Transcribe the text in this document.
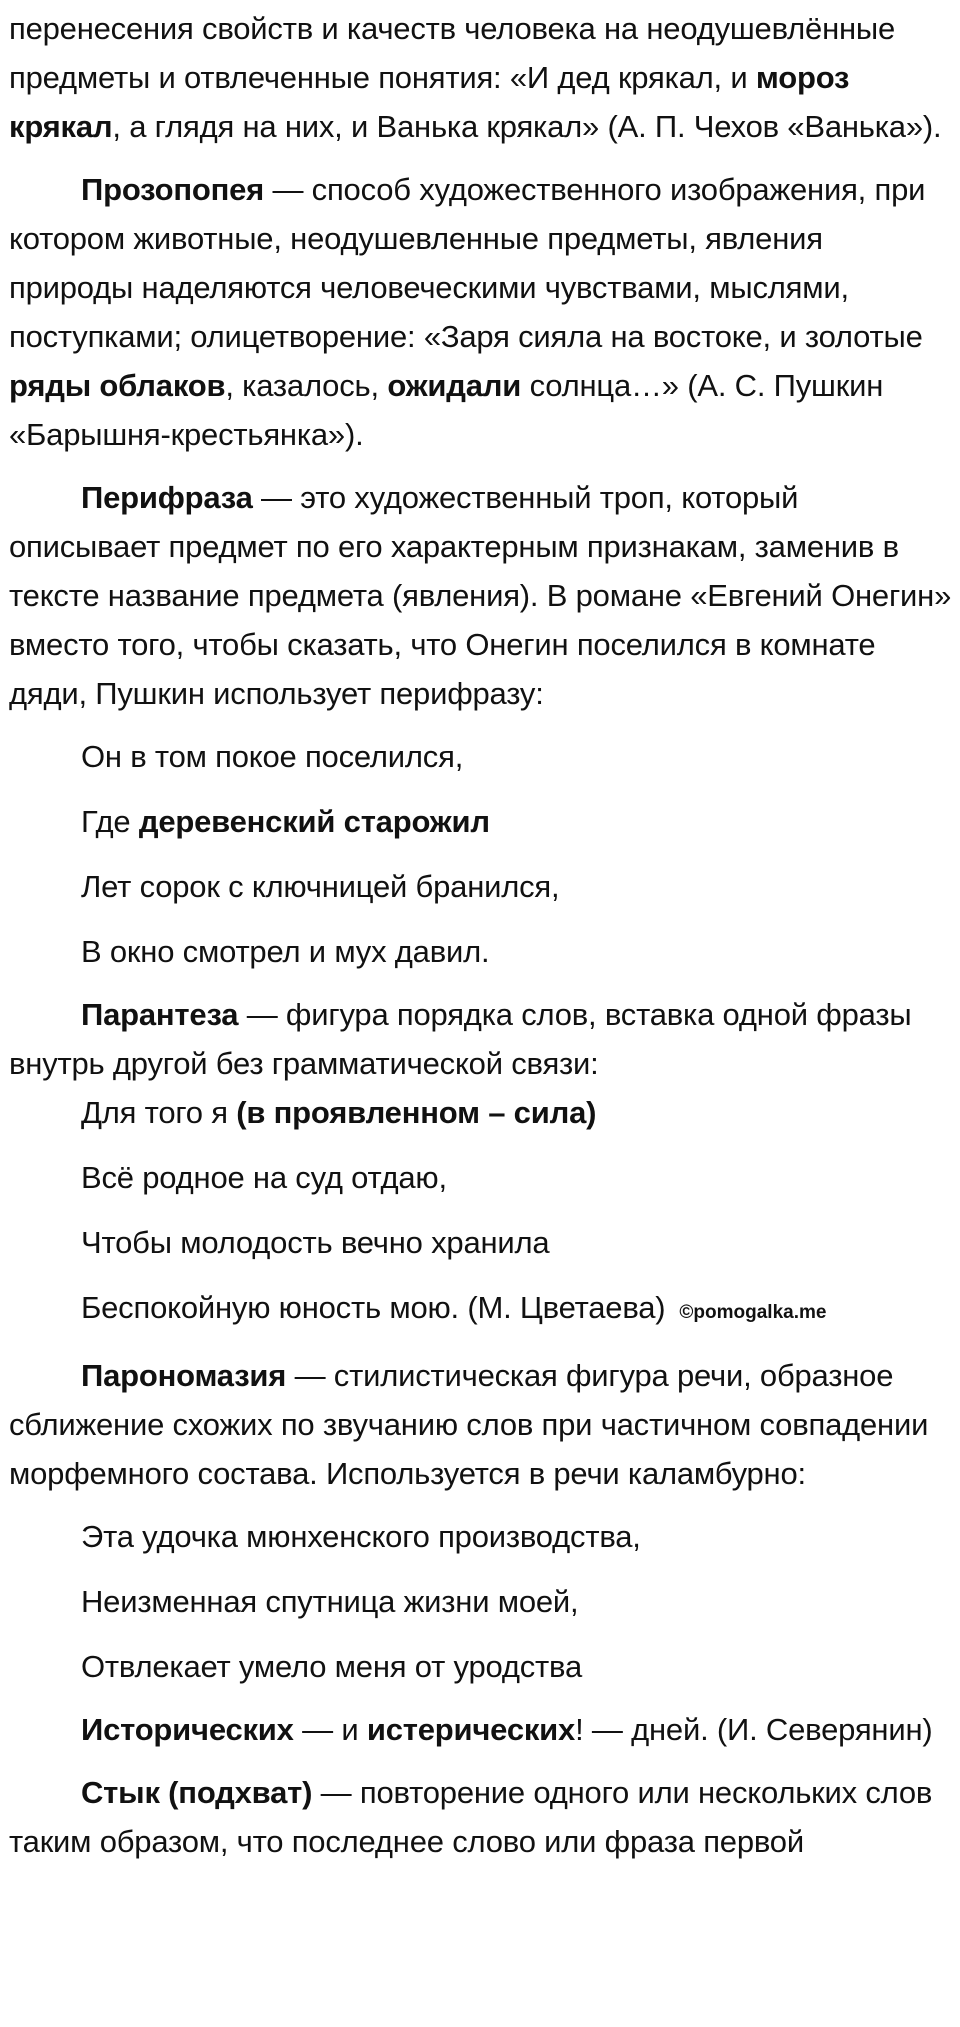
перенесения свойств и качеств человека на неодушевлённые предметы и отвлеченные понятия: «И дед крякал, и мороз крякал, а глядя на них, и Ванька крякал» (А. П. Чехов «Ванька»).

Прозопопея — способ художественного изображения, при котором животные, неодушевленные предметы, явления природы наделяются человеческими чувствами, мыслями, поступками; олицетворение: «Заря сияла на востоке, и золотые ряды облаков, казалось, ожидали солнца…» (А. С. Пушкин «Барышня-крестьянка»).

Перифраза — это художественный троп, который описывает предмет по его характерным признакам, заменив в тексте название предмета (явления). В романе «Евгений Онегин» вместо того, чтобы сказать, что Онегин поселился в комнате дяди, Пушкин использует перифразу:

Он в том покое поселился,

Где деревенский старожил

Лет сорок с ключницей бранился,

В окно смотрел и мух давил.

Парантеза — фигура порядка слов, вставка одной фразы внутрь другой без грамматической связи:

Для того я (в проявленном – сила)

Всё родное на суд отдаю,

Чтобы молодость вечно хранила

Беспокойную юность мою. (М. Цветаева) ©pomogalka.me

Парономазия — стилистическая фигура речи, образное сближение схожих по звучанию слов при частичном совпадении морфемного состава. Используется в речи каламбурно:

Эта удочка мюнхенского производства,

Неизменная спутница жизни моей,

Отвлекает умело меня от уродства

Исторических — и истерических! — дней. (И. Северянин)

Стык (подхват) — повторение одного или нескольких слов таким образом, что последнее слово или фраза первой
